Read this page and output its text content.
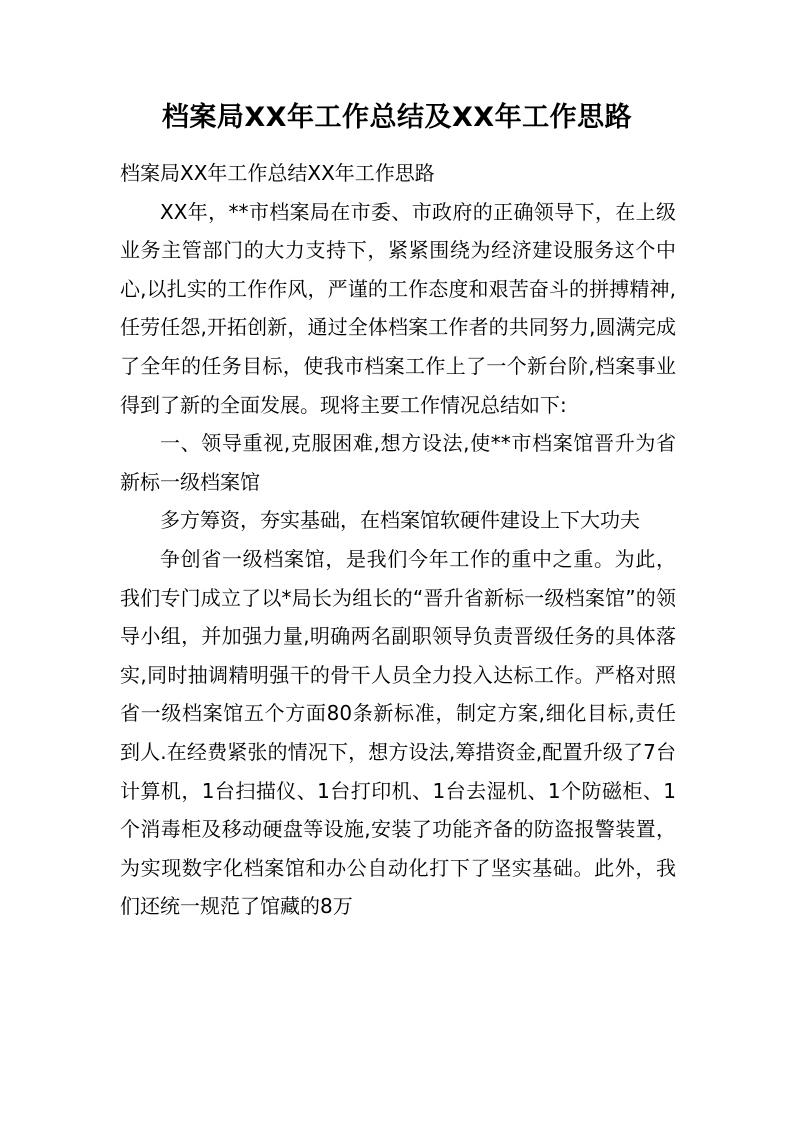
档案局XX年工作总结及XX年工作思路

档案局XX年工作总结XX年工作思路

XX年，**市档案局在市委、市政府的正确领导下，在上级业务主管部门的大力支持下，紧紧围绕为经济建设服务这个中心,以扎实的工作作风，严谨的工作态度和艰苦奋斗的拼搏精神,任劳任怨,开拓创新，通过全体档案工作者的共同努力,圆满完成了全年的任务目标，使我市档案工作上了一个新台阶,档案事业得到了新的全面发展。现将主要工作情况总结如下:

一、领导重视,克服困难,想方设法,使**市档案馆晋升为省新标一级档案馆

多方筹资，夯实基础，在档案馆软硬件建设上下大功夫

争创省一级档案馆，是我们今年工作的重中之重。为此，我们专门成立了以*局长为组长的“晋升省新标一级档案馆”的领导小组，并加强力量,明确两名副职领导负责晋级任务的具体落实,同时抽调精明强干的骨干人员全力投入达标工作。严格对照省一级档案馆五个方面80条新标准，制定方案,细化目标,责任到人.在经费紧张的情况下，想方设法,筹措资金,配置升级了7台计算机，1台扫描仪、1台打印机、1台去湿机、1个防磁柜、1个消毒柜及移动硬盘等设施,安装了功能齐备的防盗报警装置，为实现数字化档案馆和办公自动化打下了坚实基础。此外，我们还统一规范了馆藏的8万
